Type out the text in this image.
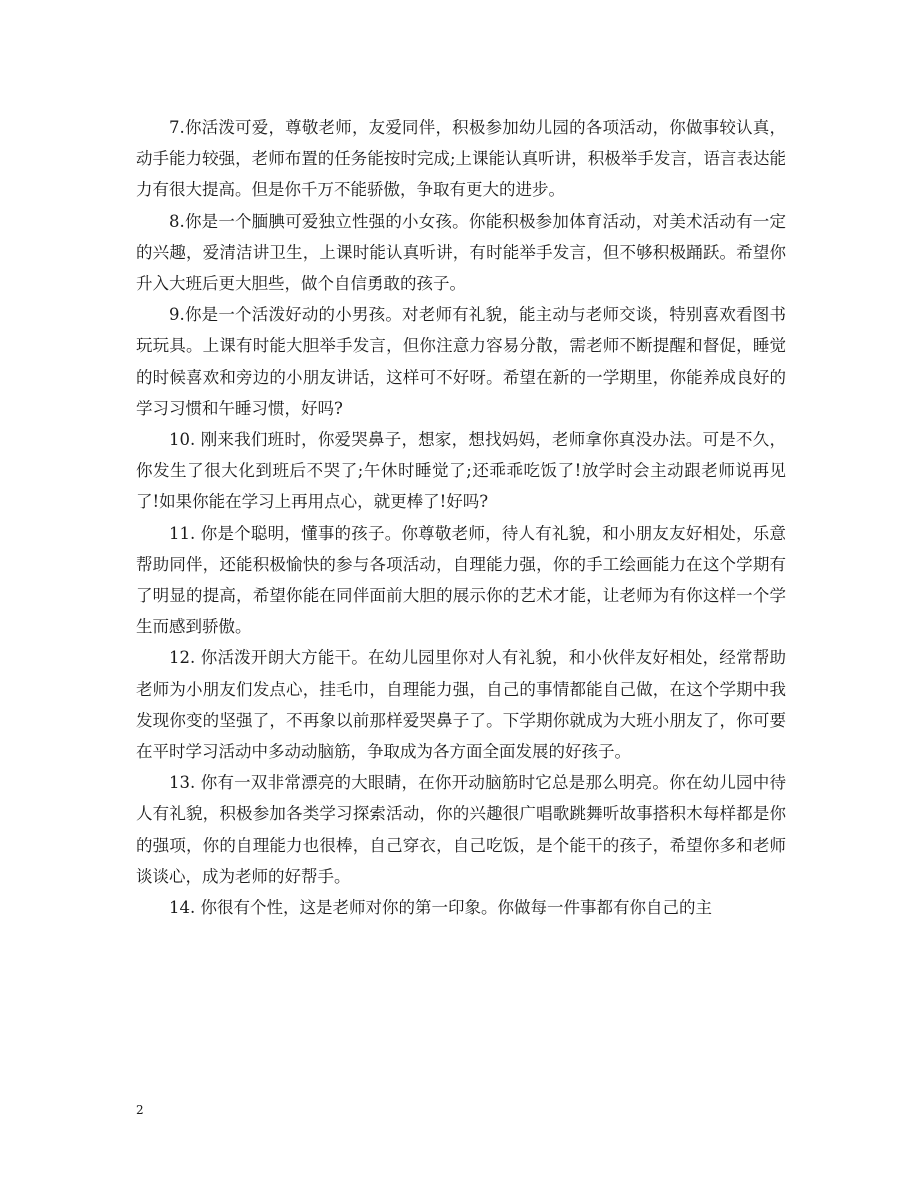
7.你活泼可爱，尊敬老师，友爱同伴，积极参加幼儿园的各项活动，你做事较认真，动手能力较强，老师布置的任务能按时完成;上课能认真听讲，积极举手发言，语言表达能力有很大提高。但是你千万不能骄傲，争取有更大的进步。

8.你是一个腼腆可爱独立性强的小女孩。你能积极参加体育活动，对美术活动有一定的兴趣，爱清洁讲卫生，上课时能认真听讲，有时能举手发言，但不够积极踊跃。希望你升入大班后更大胆些，做个自信勇敢的孩子。

9.你是一个活泼好动的小男孩。对老师有礼貌，能主动与老师交谈，特别喜欢看图书玩玩具。上课有时能大胆举手发言，但你注意力容易分散，需老师不断提醒和督促，睡觉的时候喜欢和旁边的小朋友讲话，这样可不好呀。希望在新的一学期里，你能养成良好的学习习惯和午睡习惯，好吗?

10. 刚来我们班时，你爱哭鼻子，想家，想找妈妈，老师拿你真没办法。可是不久，你发生了很大化到班后不哭了;午休时睡觉了;还乖乖吃饭了!放学时会主动跟老师说再见了!如果你能在学习上再用点心，就更棒了!好吗?

11. 你是个聪明，懂事的孩子。你尊敬老师，待人有礼貌，和小朋友友好相处，乐意帮助同伴，还能积极愉快的参与各项活动，自理能力强，你的手工绘画能力在这个学期有了明显的提高，希望你能在同伴面前大胆的展示你的艺术才能，让老师为有你这样一个学生而感到骄傲。

12. 你活泼开朗大方能干。在幼儿园里你对人有礼貌，和小伙伴友好相处，经常帮助老师为小朋友们发点心，挂毛巾，自理能力强，自己的事情都能自己做，在这个学期中我发现你变的坚强了，不再象以前那样爱哭鼻子了。下学期你就成为大班小朋友了，你可要在平时学习活动中多动动脑筋，争取成为各方面全面发展的好孩子。

13. 你有一双非常漂亮的大眼睛，在你开动脑筋时它总是那么明亮。你在幼儿园中待人有礼貌，积极参加各类学习探索活动，你的兴趣很广唱歌跳舞听故事搭积木每样都是你的强项，你的自理能力也很棒，自己穿衣，自己吃饭，是个能干的孩子，希望你多和老师谈谈心，成为老师的好帮手。

14. 你很有个性，这是老师对你的第一印象。你做每一件事都有你自己的主

2
